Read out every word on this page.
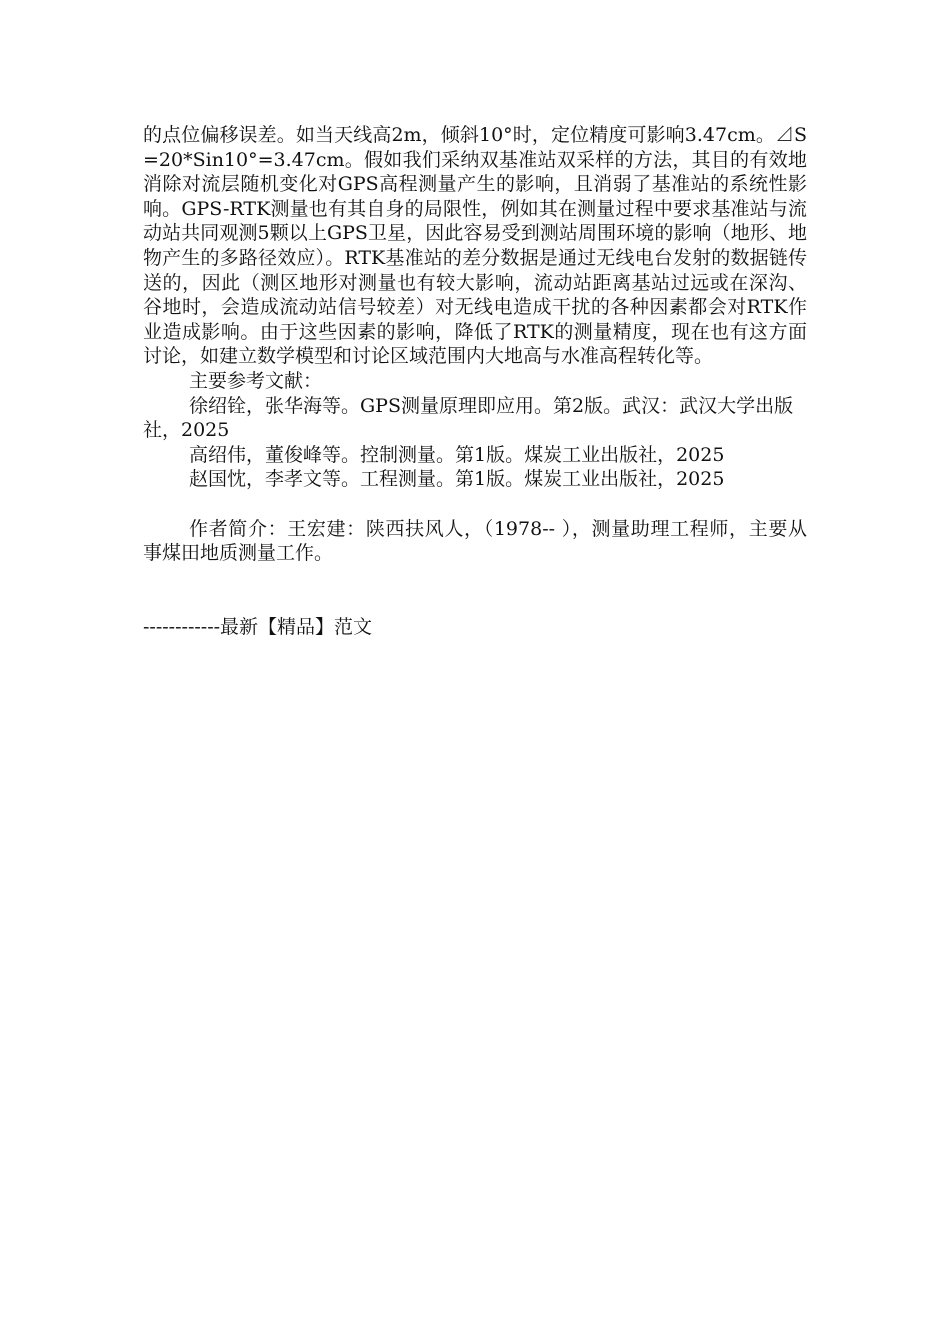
的点位偏移误差。如当天线高2m，倾斜10°时，定位精度可影响3.47cm。⊿S=20*Sin10°=3.47cm。假如我们采纳双基准站双采样的方法，其目的有效地消除对流层随机变化对GPS高程测量产生的影响，且消弱了基准站的系统性影响。GPS-RTK测量也有其自身的局限性，例如其在测量过程中要求基准站与流动站共同观测5颗以上GPS卫星，因此容易受到测站周围环境的影响（地形、地物产生的多路径效应）。RTK基准站的差分数据是通过无线电台发射的数据链传送的，因此（测区地形对测量也有较大影响，流动站距离基站过远或在深沟、谷地时，会造成流动站信号较差）对无线电造成干扰的各种因素都会对RTK作业造成影响。由于这些因素的影响，降低了RTK的测量精度，现在也有这方面讨论，如建立数学模型和讨论区域范围内大地高与水准高程转化等。

主要参考文献：

徐绍铨，张华海等。GPS测量原理即应用。第2版。武汉：武汉大学出版社，2025

高绍伟，董俊峰等。控制测量。第1版。煤炭工业出版社，2025

赵国忱，李孝文等。工程测量。第1版。煤炭工业出版社，2025

作者简介：王宏建：陕西扶风人，（1978-- ），测量助理工程师，主要从事煤田地质测量工作。

------------最新【精品】范文
